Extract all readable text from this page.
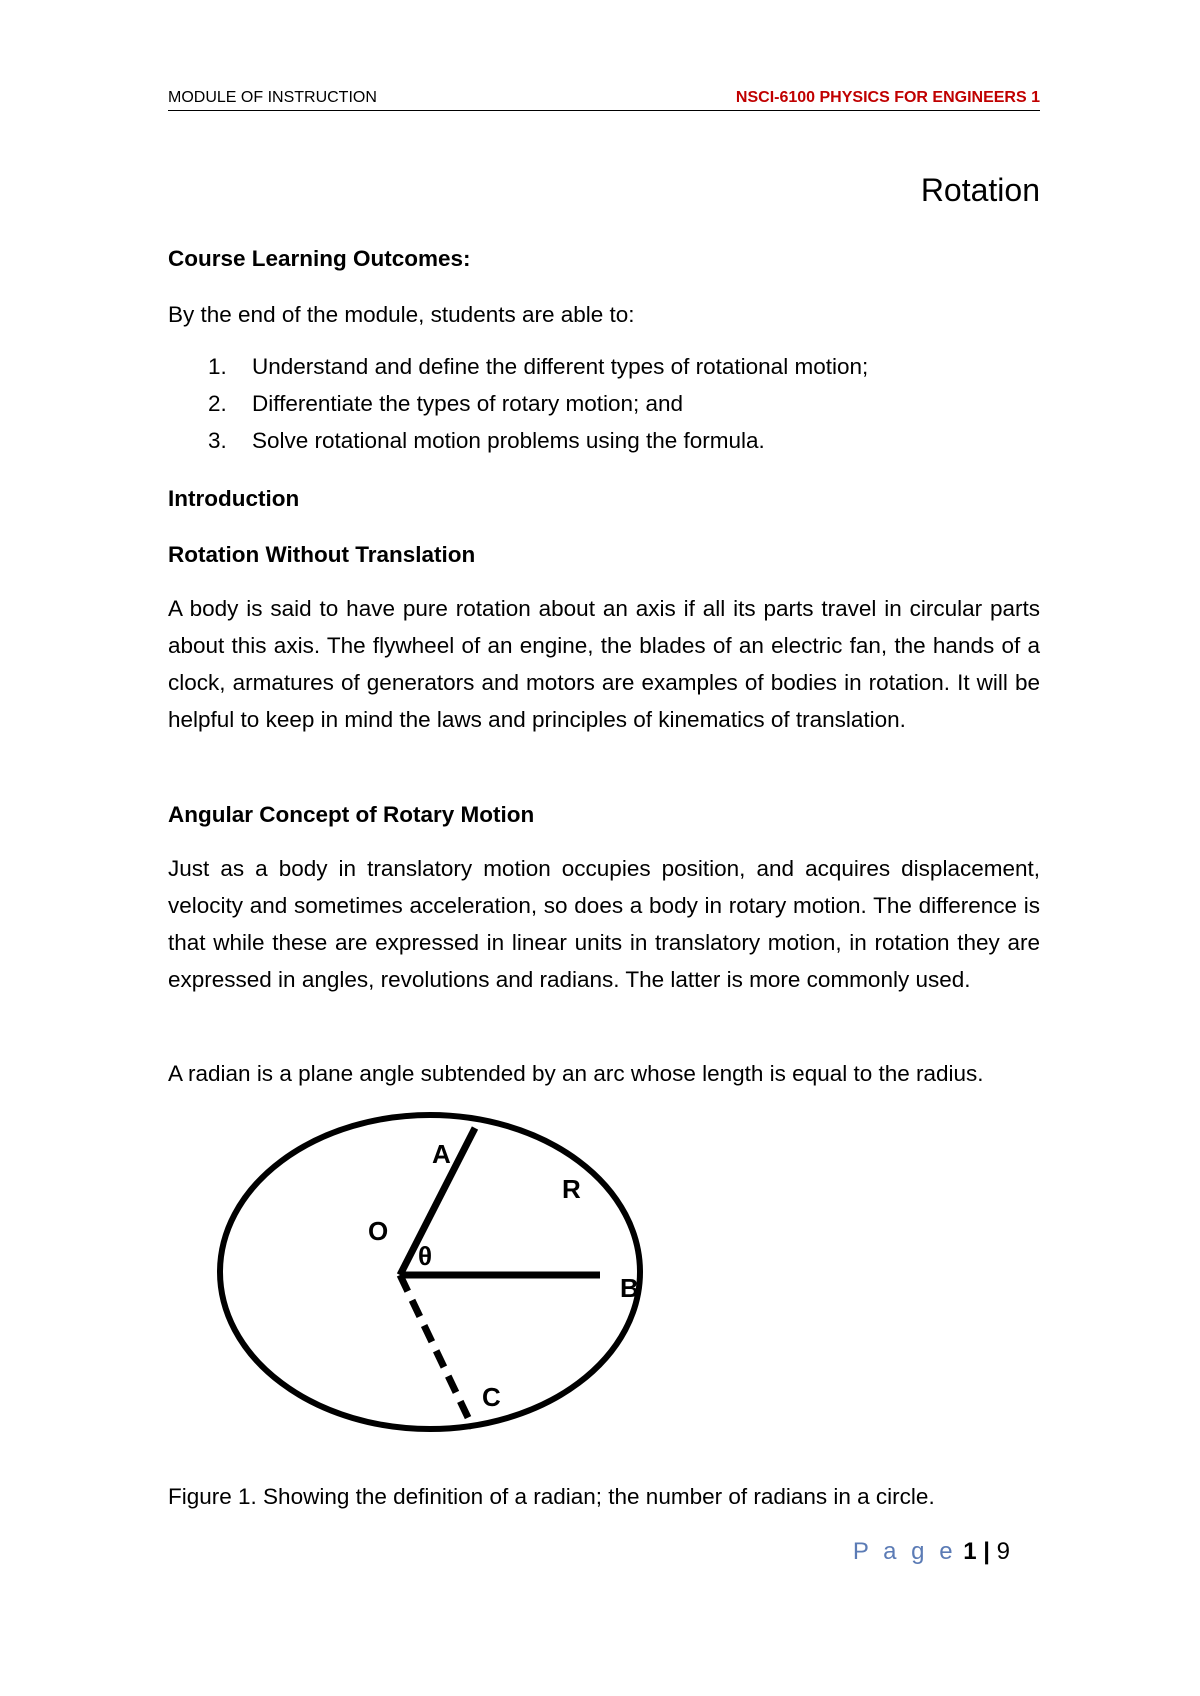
MODULE OF INSTRUCTION	NSCI-6100 PHYSICS FOR ENGINEERS 1
Rotation
Course Learning Outcomes:
By the end of the module, students are able to:
1. Understand and define the different types of rotational motion;
2. Differentiate the types of rotary motion; and
3. Solve rotational motion problems using the formula.
Introduction
Rotation Without Translation
A body is said to have pure rotation about an axis if all its parts travel in circular parts about this axis. The flywheel of an engine, the blades of an electric fan, the hands of a clock, armatures of generators and motors are examples of bodies in rotation. It will be helpful to keep in mind the laws and principles of kinematics of translation.
Angular Concept of Rotary Motion
Just as a body in translatory motion occupies position, and acquires displacement, velocity and sometimes acceleration, so does a body in rotary motion. The difference is that while these are expressed in linear units in translatory motion, in rotation they are expressed in angles, revolutions and radians. The latter is more commonly used.
A radian is a plane angle subtended by an arc whose length is equal to the radius.
A
R
O
θ
B
C
Figure 1. Showing the definition of a radian; the number of radians in a circle.
P a g e 1 | 9
